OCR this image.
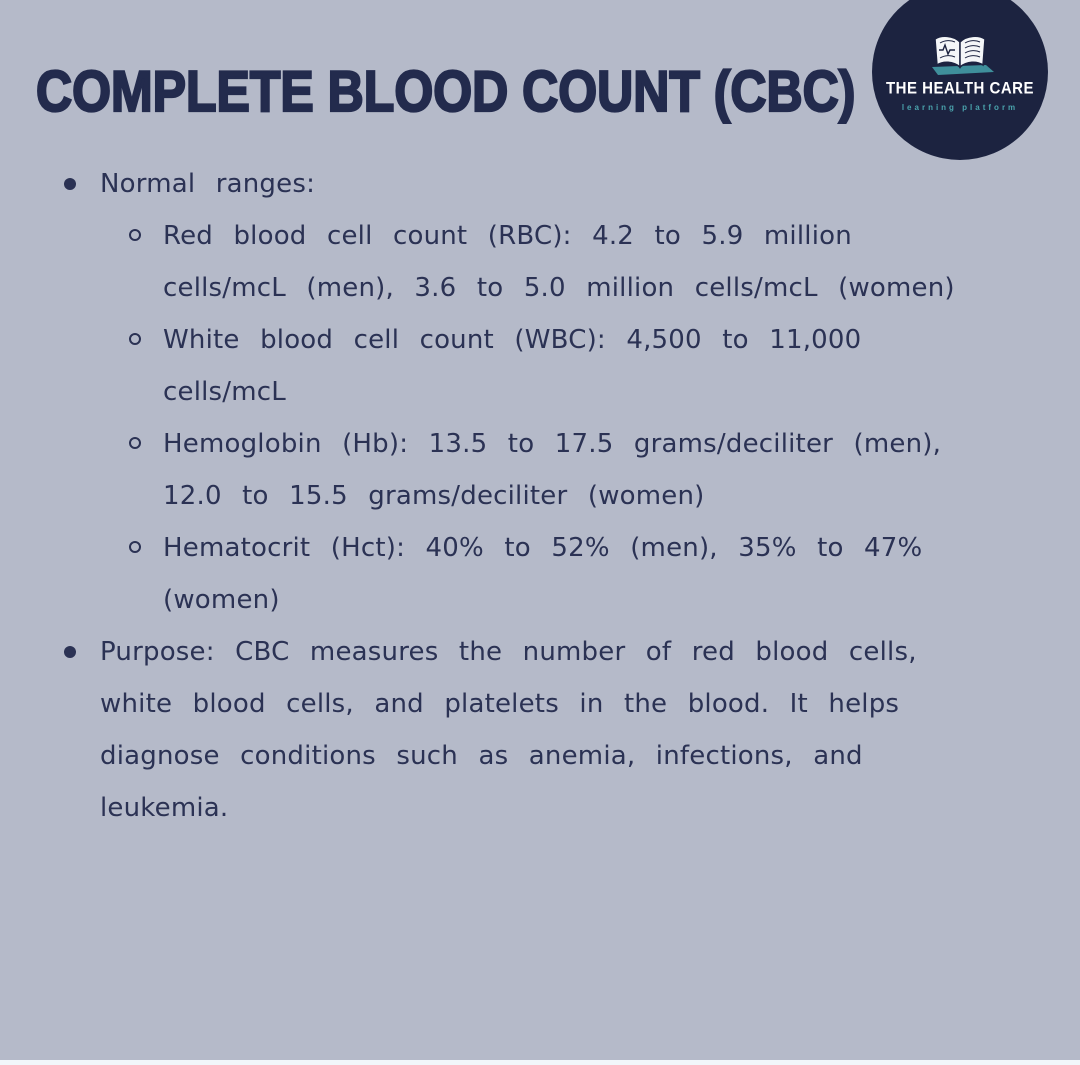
COMPLETE BLOOD COUNT (CBC) THE HEALTH CARE
learning platform
Normal ranges:
Red blood cell count (RBC): 4.2 to 5.9 million cells/mcL (men), 3.6 to 5.0 million cells/mcL (women)
White blood cell count (WBC): 4,500 to 11,000 cells/mcL
Hemoglobin (Hb): 13.5 to 17.5 grams/deciliter (men), 12.0 to 15.5 grams/deciliter (women)
Hematocrit (Hct): 40% to 52% (men), 35% to 47% (women)
Purpose: CBC measures the number of red blood cells, white blood cells, and platelets in the blood. It helps diagnose conditions such as anemia, infections, and leukemia.
